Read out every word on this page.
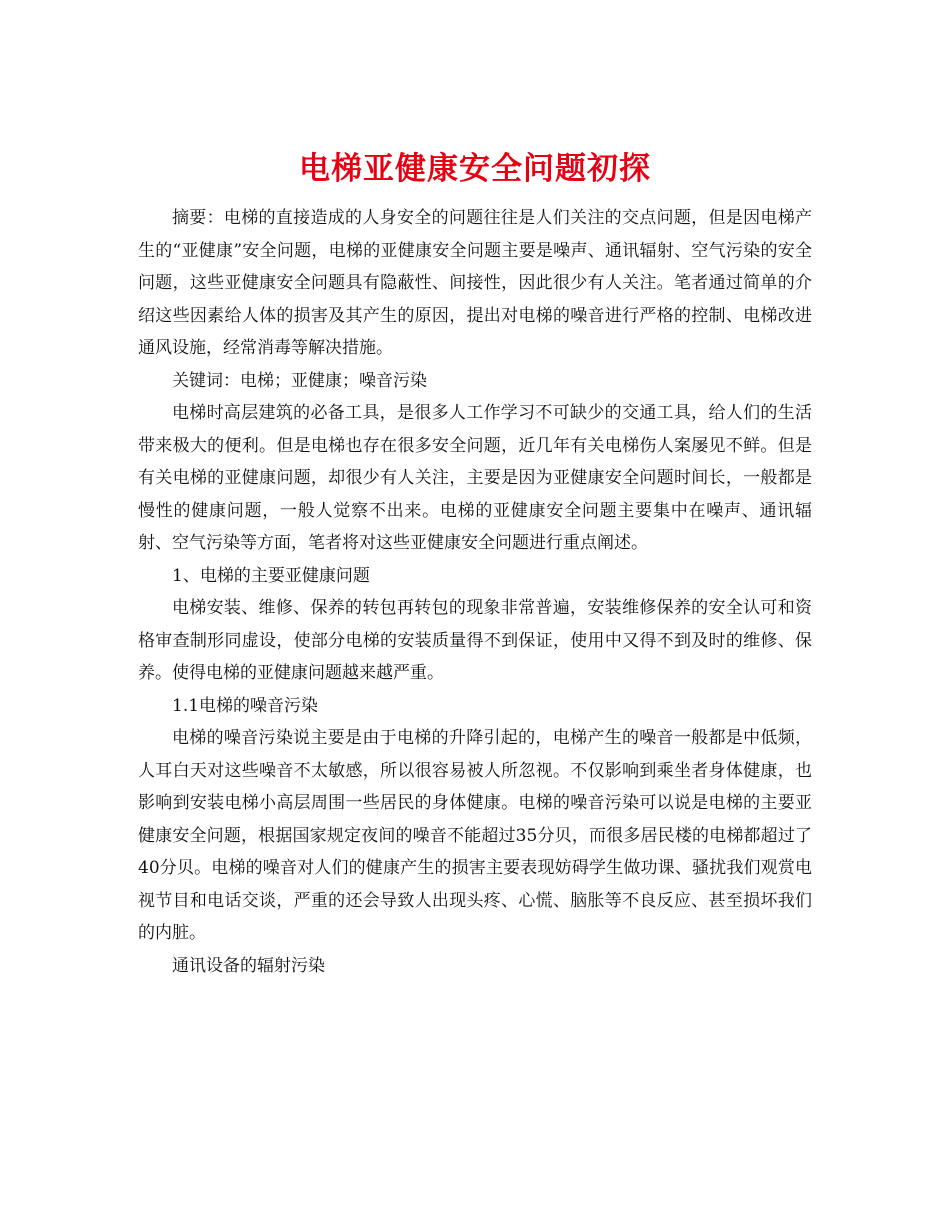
电梯亚健康安全问题初探

摘要：电梯的直接造成的人身安全的问题往往是人们关注的交点问题，但是因电梯产生的“亚健康”安全问题，电梯的亚健康安全问题主要是噪声、通讯辐射、空气污染的安全问题，这些亚健康安全问题具有隐蔽性、间接性，因此很少有人关注。笔者通过简单的介绍这些因素给人体的损害及其产生的原因，提出对电梯的噪音进行严格的控制、电梯改进通风设施，经常消毒等解决措施。

关键词：电梯；亚健康；噪音污染

电梯时高层建筑的必备工具，是很多人工作学习不可缺少的交通工具，给人们的生活带来极大的便利。但是电梯也存在很多安全问题，近几年有关电梯伤人案屡见不鲜。但是有关电梯的亚健康问题，却很少有人关注，主要是因为亚健康安全问题时间长，一般都是慢性的健康问题，一般人觉察不出来。电梯的亚健康安全问题主要集中在噪声、通讯辐射、空气污染等方面，笔者将对这些亚健康安全问题进行重点阐述。

1、电梯的主要亚健康问题

电梯安装、维修、保养的转包再转包的现象非常普遍，安装维修保养的安全认可和资格审查制形同虚设，使部分电梯的安装质量得不到保证，使用中又得不到及时的维修、保养。使得电梯的亚健康问题越来越严重。

1.1电梯的噪音污染

电梯的噪音污染说主要是由于电梯的升降引起的，电梯产生的噪音一般都是中低频，人耳白天对这些噪音不太敏感，所以很容易被人所忽视。不仅影响到乘坐者身体健康，也影响到安装电梯小高层周围一些居民的身体健康。电梯的噪音污染可以说是电梯的主要亚健康安全问题，根据国家规定夜间的噪音不能超过35分贝，而很多居民楼的电梯都超过了40分贝。电梯的噪音对人们的健康产生的损害主要表现妨碍学生做功课、骚扰我们观赏电视节目和电话交谈，严重的还会导致人出现头疼、心慌、脑胀等不良反应、甚至损坏我们的内脏。

通讯设备的辐射污染
